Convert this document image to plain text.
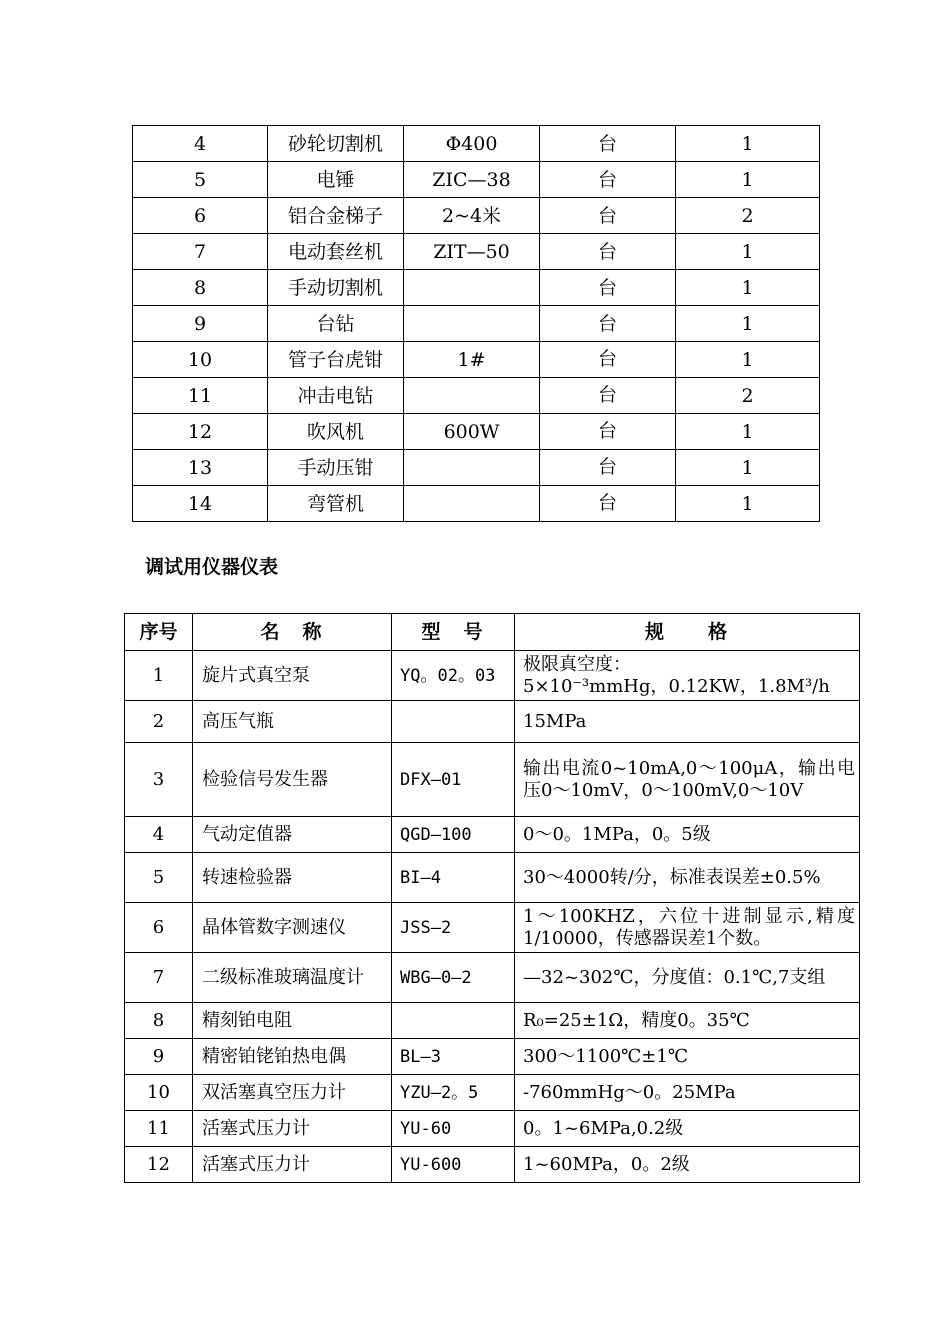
4	砂轮切割机	Φ400	台	1
5	电锤	ZIC—38	台	1
6	铝合金梯子	2~4米	台	2
7	电动套丝机	ZIT—50	台	1
8	手动切割机		台	1
9	台钻		台	1
10	管子台虎钳	1#	台	1
11	冲击电钻		台	2
12	吹风机	600W	台	1
13	手动压钳		台	1
14	弯管机		台	1
调试用仪器仪表
序号	名　称	型　号	规　　格
1	旋片式真空泵	YQ。02。03	极限真空度：
5×10⁻³mmHg，0.12KW，1.8M³/h

2	高压气瓶		15MPa
3	检验信号发生器	DFX—01	输出电流0~10mA,0～100μA，输出电压0～10mV，0～100mV,0～10V
4	气动定值器	QGD—100	0～0。1MPa，0。5级
5	转速检验器	BI—4	30～4000转/分，标准表误差±0.5%
6	晶体管数字测速仪	JSS—2	1～100KHZ，六位十进制显示,精度1/10000，传感器误差1个数。
7	二级标准玻璃温度计	WBG—0—2	—32~302℃，分度值：0.1℃,7支组
8	精刻铂电阻		R₀=25±1Ω，精度0。35℃
9	精密铂铑铂热电偶	BL—3	300～1100℃±1℃
10	双活塞真空压力计	YZU—2。5	-760mmHg～0。25MPa
11	活塞式压力计	YU-60	0。1~6MPa,0.2级
12	活塞式压力计	YU-600	1~60MPa，0。2级
